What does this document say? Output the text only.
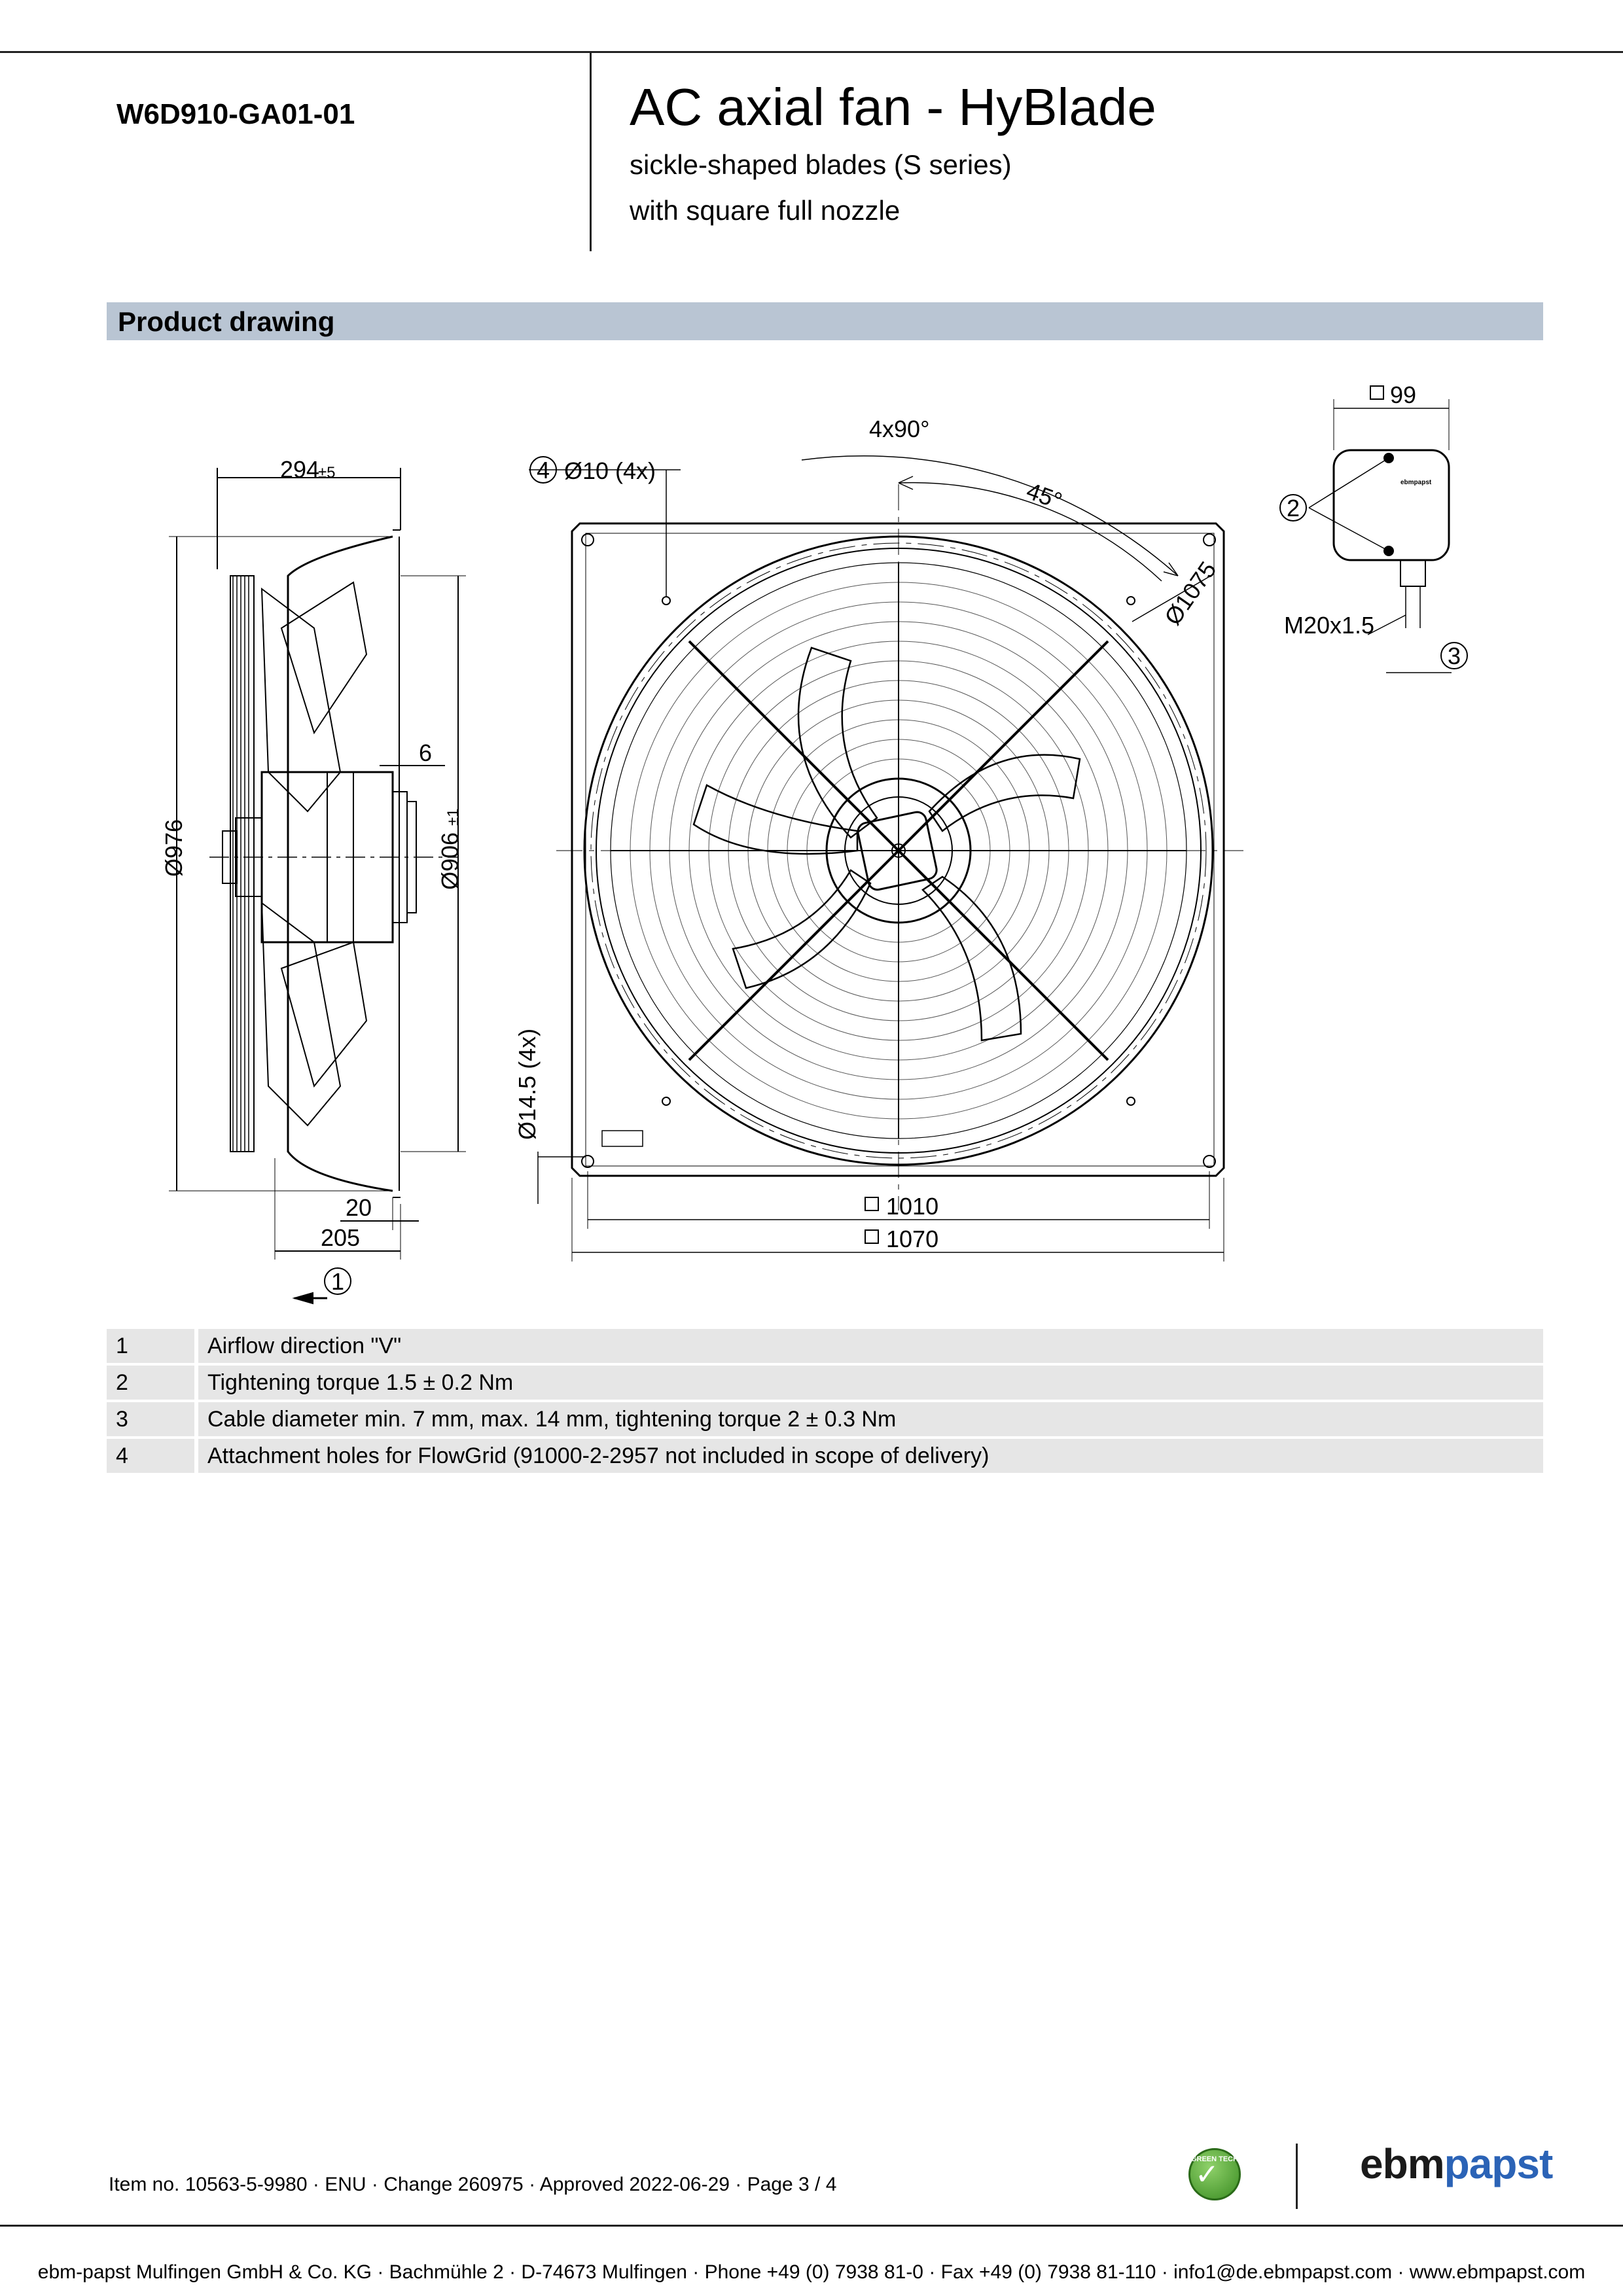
W6D910-GA01-01	AC axial fan - HyBlade
sickle-shaped blades (S series)
with square full nozzle
Product drawing
294
±5
Ø976	Ø906
±1
6
20
205
Ø10 (4x)
Ø14.5 (4x)
4x90°
45°
Ø1075
1010
1070
99
M20x1.5
ebmpapst
1
2
3
4
1	Airflow direction "V"
2	Tightening torque 1.5 ± 0.2 Nm
3	Cable diameter min. 7 mm, max. 14 mm, tightening torque 2 ± 0.3 Nm
4	Attachment holes for FlowGrid (91000-2-2957 not included in scope of delivery)
Item no. 10563-5-9980 · ENU · Change 260975 · Approved 2022-06-29 · Page 3 / 4
GREEN TECH
✓	ebmpapst
ebm-papst Mulfingen GmbH & Co. KG · Bachmühle 2 · D-74673 Mulfingen · Phone +49 (0) 7938 81-0 · Fax +49 (0) 7938 81-110 · info1@de.ebmpapst.com · www.ebmpapst.com
